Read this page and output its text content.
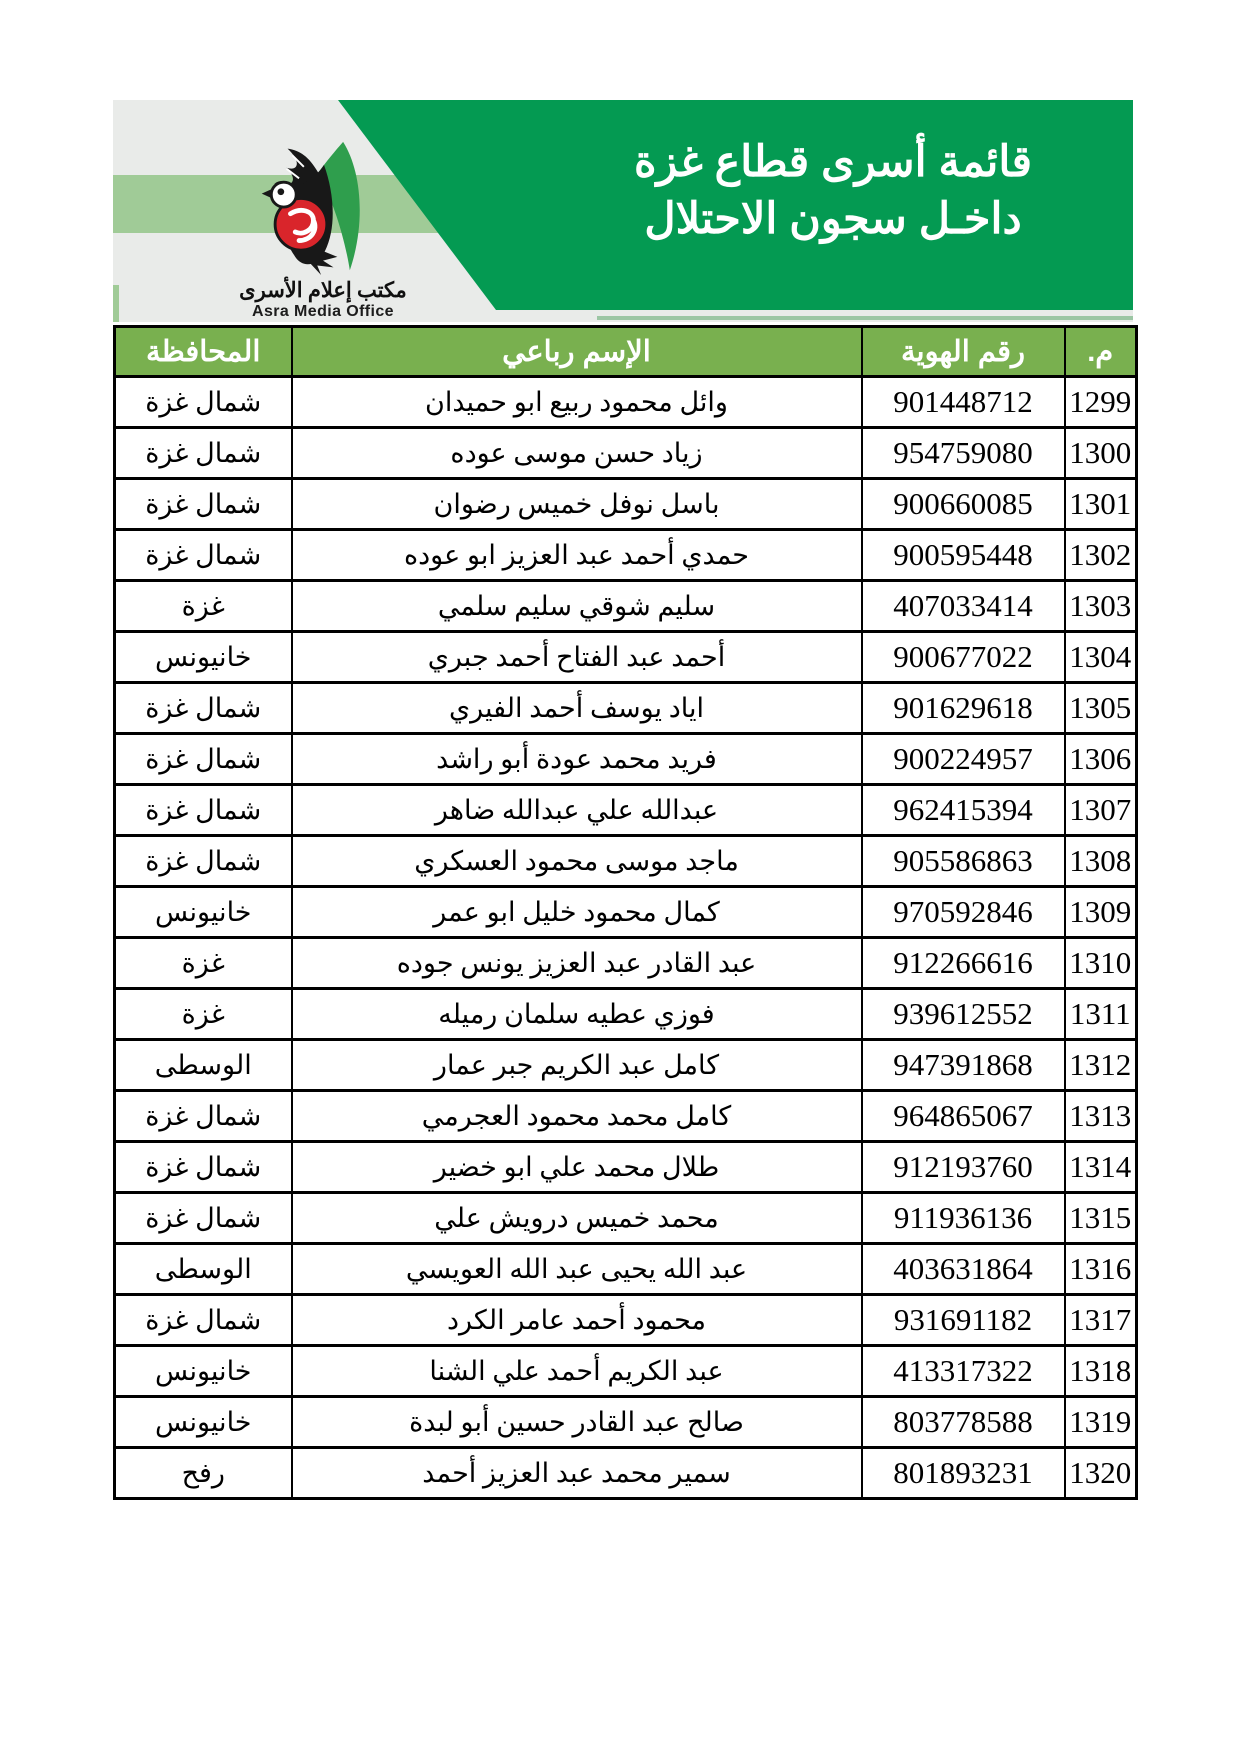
قائمة أسرى قطاع غزة
داخـل سجون الاحتلال
مكتب إعلام الأسرى
Asra Media Office
م.	رقم الهوية	الإسم رباعي	المحافظة
1299	901448712	وائل محمود ربيع ابو حميدان	شمال غزة
1300	954759080	زياد حسن موسى عوده	شمال غزة
1301	900660085	باسل نوفل خميس رضوان	شمال غزة
1302	900595448	حمدي أحمد عبد العزيز ابو عوده	شمال غزة
1303	407033414	سليم شوقي سليم سلمي	غزة
1304	900677022	أحمد عبد الفتاح أحمد جبري	خانيونس
1305	901629618	اياد يوسف أحمد الفيري	شمال غزة
1306	900224957	فريد محمد عودة أبو راشد	شمال غزة
1307	962415394	عبدالله علي عبدالله ضاهر	شمال غزة
1308	905586863	ماجد موسى محمود العسكري	شمال غزة
1309	970592846	كمال محمود خليل ابو عمر	خانيونس
1310	912266616	عبد القادر عبد العزيز يونس جوده	غزة
1311	939612552	فوزي عطيه سلمان رميله	غزة
1312	947391868	كامل عبد الكريم جبر عمار	الوسطى
1313	964865067	كامل محمد محمود العجرمي	شمال غزة
1314	912193760	طلال محمد علي ابو خضير	شمال غزة
1315	911936136	محمد خميس درويش علي	شمال غزة
1316	403631864	عبد الله يحيى عبد الله العويسي	الوسطى
1317	931691182	محمود أحمد عامر الكرد	شمال غزة
1318	413317322	عبد الكريم أحمد علي الشنا	خانيونس
1319	803778588	صالح عبد القادر حسين أبو لبدة	خانيونس
1320	801893231	سمير محمد عبد العزيز أحمد	رفح
